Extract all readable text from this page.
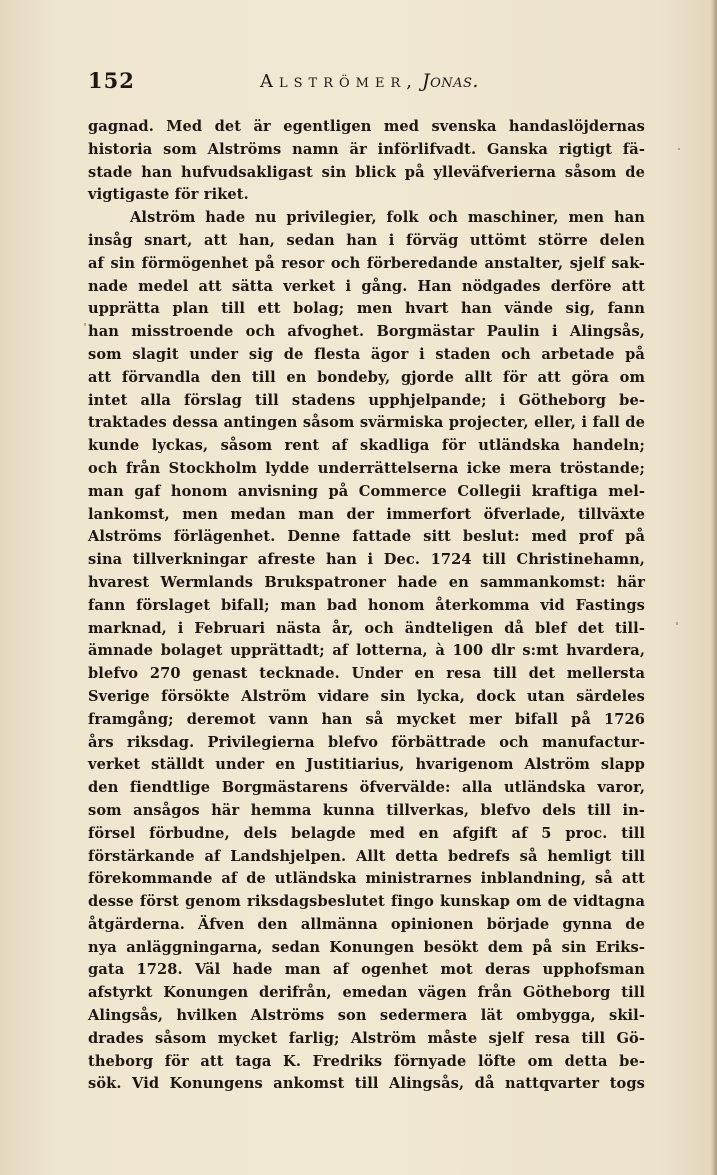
152	Alströmer, Jonas.
gagnad. Med det är egentligen med svenska handaslöjdernas
historia som Alströms namn är införlifvadt. Ganska rigtigt fä-
stade han hufvudsakligast sin blick på ylleväfverierna såsom de
vigtigaste för riket.
Alström hade nu privilegier, folk och maschiner, men han
insåg snart, att han, sedan han i förväg uttömt större delen
af sin förmögenhet på resor och förberedande anstalter, sjelf sak-
nade medel att sätta verket i gång. Han nödgades derföre att
upprätta plan till ett bolag; men hvart han vände sig, fann
han misstroende och afvoghet. Borgmästar Paulin i Alingsås,
som slagit under sig de flesta ägor i staden och arbetade på
att förvandla den till en bondeby, gjorde allt för att göra om
intet alla förslag till stadens upphjelpande; i Götheborg be-
traktades dessa antingen såsom svärmiska projecter, eller, i fall de
kunde lyckas, såsom rent af skadliga för utländska handeln;
och från Stockholm lydde underrättelserna icke mera tröstande;
man gaf honom anvisning på Commerce Collegii kraftiga mel-
lankomst, men medan man der immerfort öfverlade, tillväxte
Alströms förlägenhet. Denne fattade sitt beslut: med prof på
sina tillverkningar afreste han i Dec. 1724 till Christinehamn,
hvarest Wermlands Brukspatroner hade en sammankomst: här
fann förslaget bifall; man bad honom återkomma vid Fastings
marknad, i Februari nästa år, och ändteligen då blef det till-
ämnade bolaget upprättadt; af lotterna, à 100 dlr s:mt hvardera,
blefvo 270 genast tecknade. Under en resa till det mellersta
Sverige försökte Alström vidare sin lycka, dock utan särdeles
framgång; deremot vann han så mycket mer bifall på 1726
års riksdag. Privilegierna blefvo förbättrade och manufactur-
verket ställdt under en Justitiarius, hvarigenom Alström slapp
den fiendtlige Borgmästarens öfvervälde: alla utländska varor,
som ansågos här hemma kunna tillverkas, blefvo dels till in-
försel förbudne, dels belagde med en afgift af 5 proc. till
förstärkande af Landshjelpen. Allt detta bedrefs så hemligt till
förekommande af de utländska ministrarnes inblandning, så att
desse först genom riksdagsbeslutet fingo kunskap om de vidtagna
åtgärderna. Äfven den allmänna opinionen började gynna de
nya anläggningarna, sedan Konungen besökt dem på sin Eriks-
gata 1728. Väl hade man af ogenhet mot deras upphofsman
afstyrkt Konungen derifrån, emedan vägen från Götheborg till
Alingsås, hvilken Alströms son sedermera lät ombygga, skil-
drades såsom mycket farlig; Alström måste sjelf resa till Gö-
theborg för att taga K. Fredriks förnyade löfte om detta be-
sök. Vid Konungens ankomst till Alingsås, då nattqvarter togs
